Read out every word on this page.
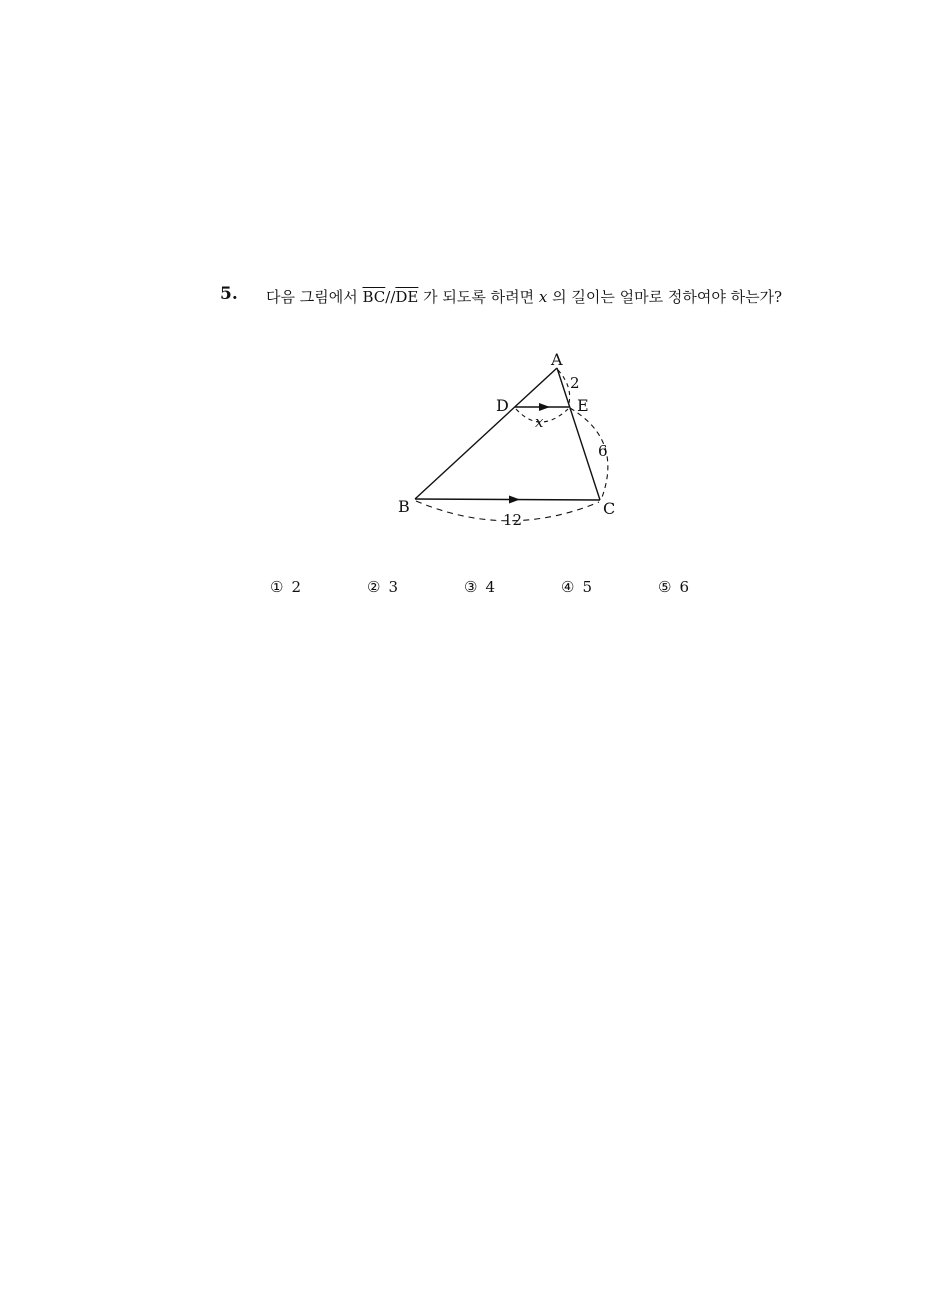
5. 다음 그림에서 $\overline{BC}//\overline{DE}$ 가 되도록 하려면 x 의 길이는 얼마로 정하여야 하는가?
A
D	E
B	C
2
6
12
x
① 2	② 3	③ 4	④ 5	⑤ 6
